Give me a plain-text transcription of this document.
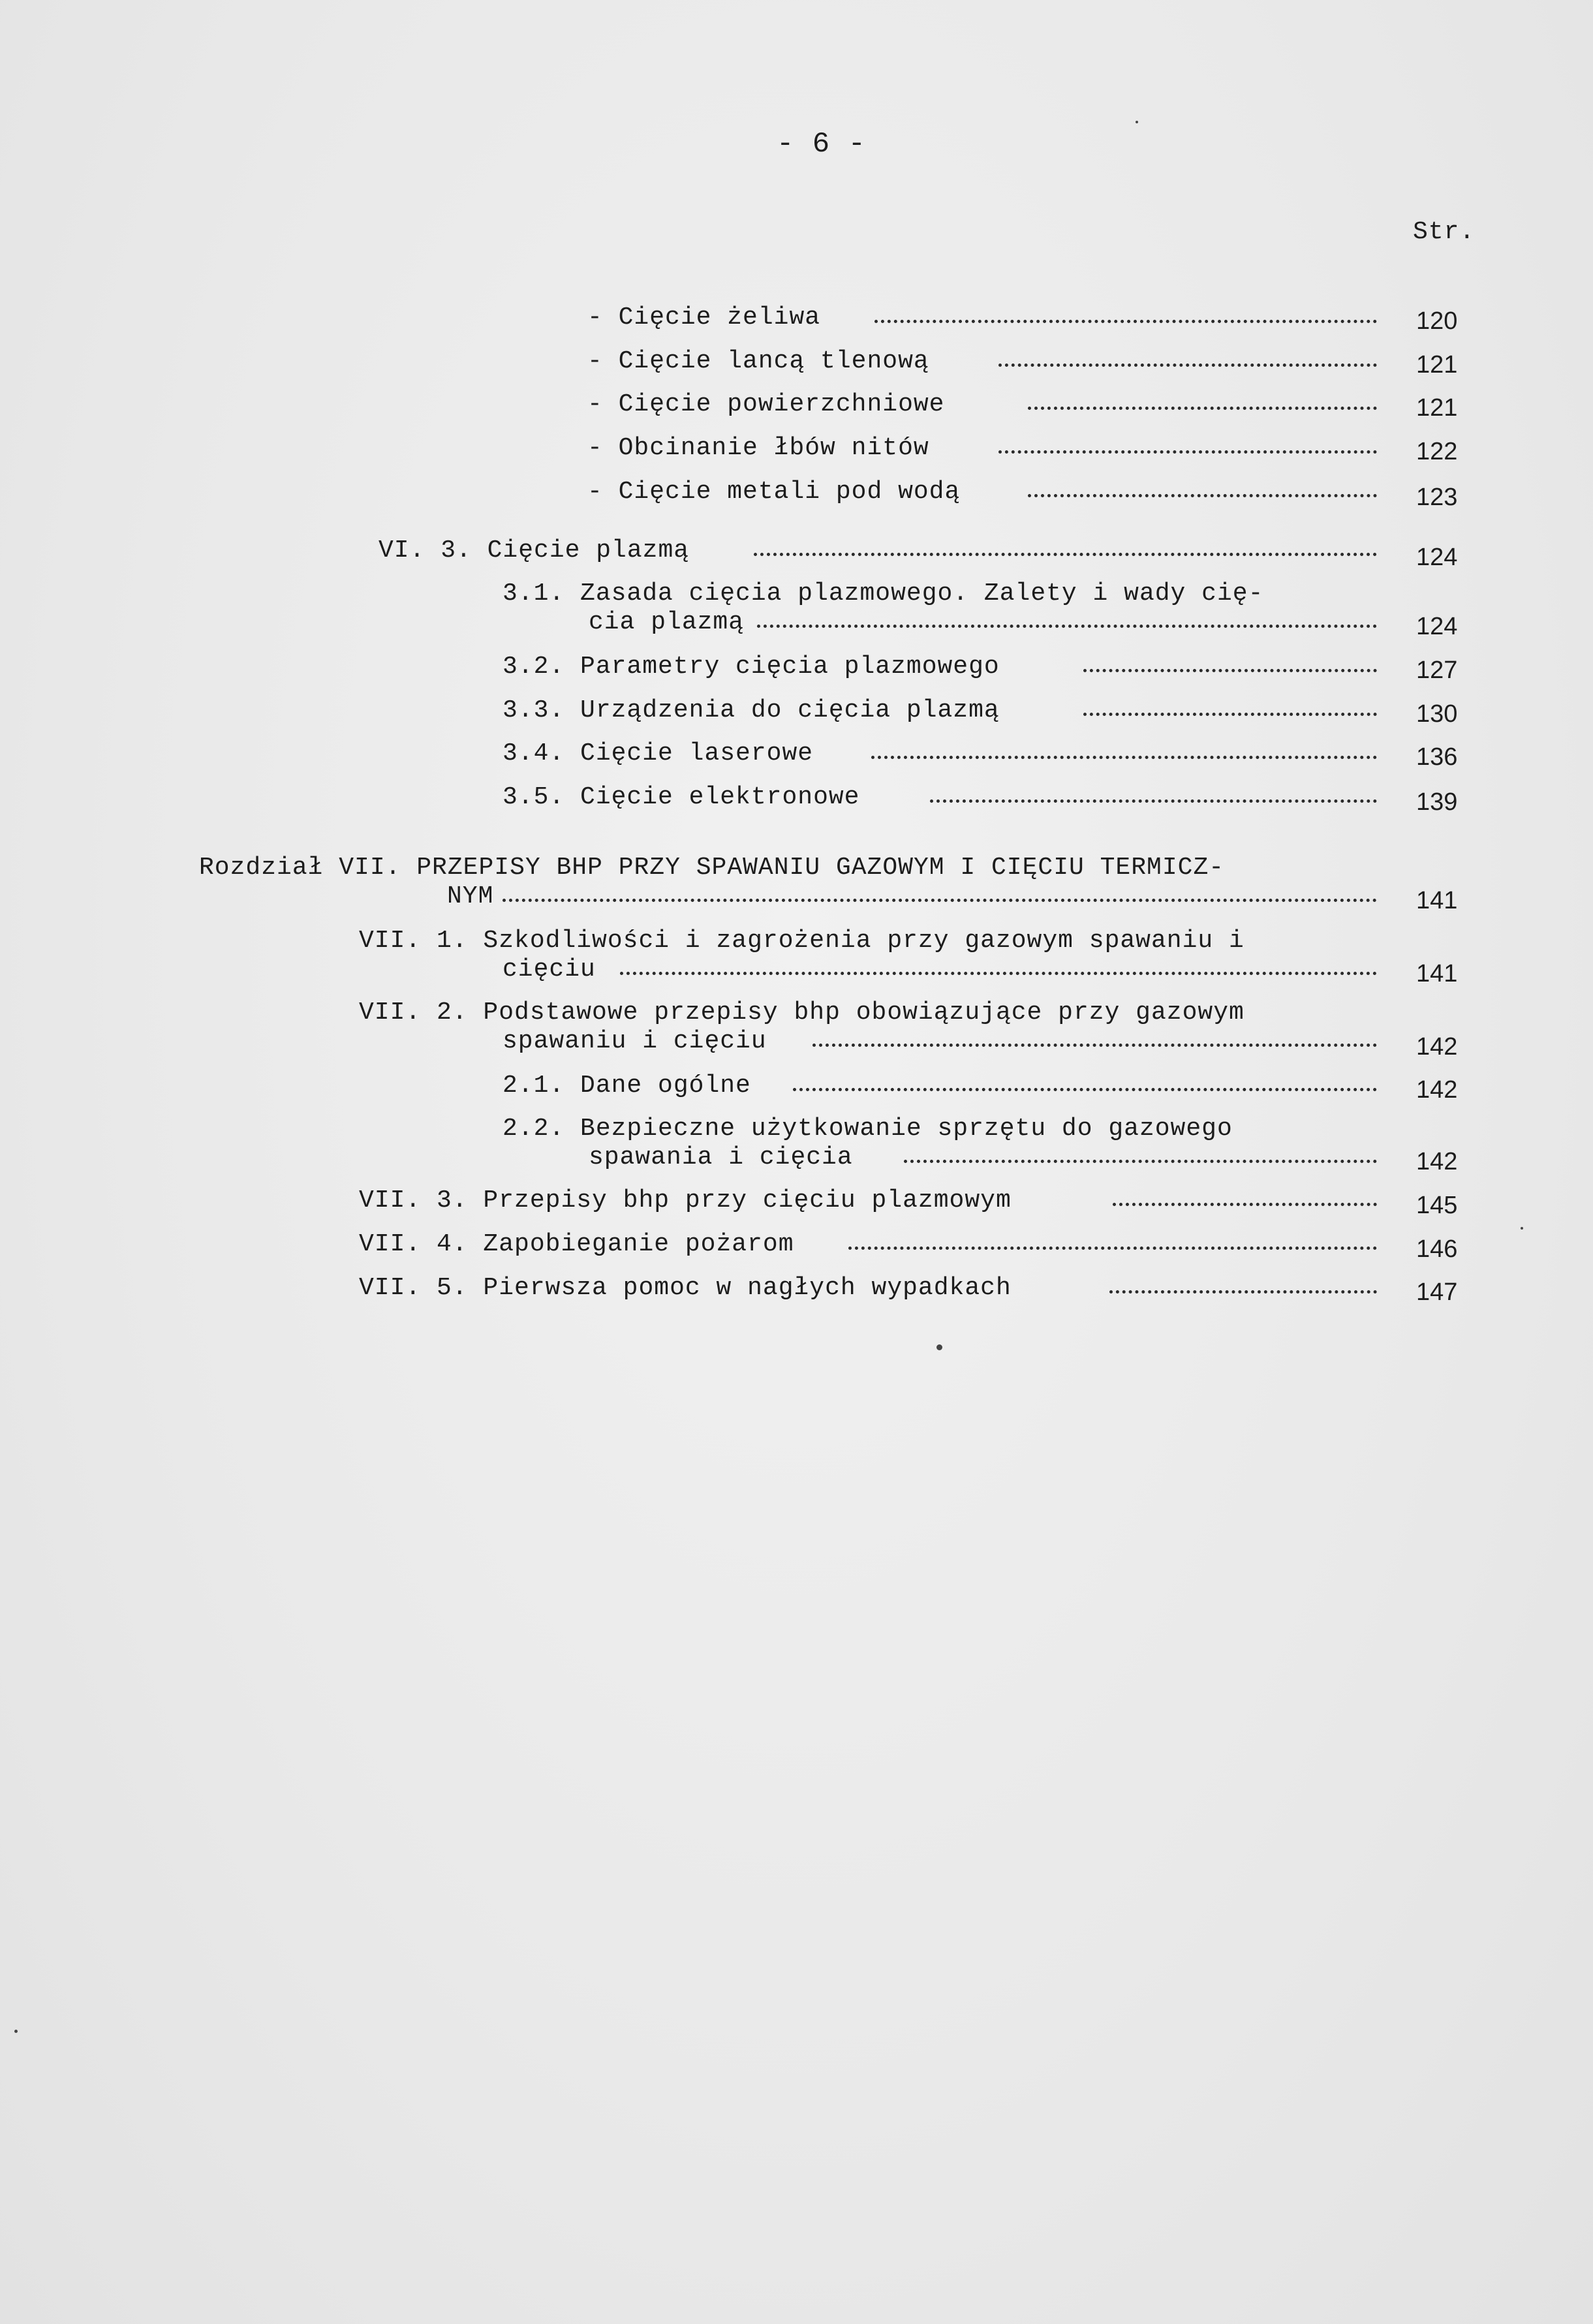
- 6 -
Str.
- Cięcie żeliwa	120
- Cięcie lancą tlenową	121
- Cięcie powierzchniowe	121
- Obcinanie łbów nitów	122
- Cięcie metali pod wodą	123
VI. 3. Cięcie plazmą	124
3.1. Zasada cięcia plazmowego. Zalety i wady cię-
cia plazmą	124
3.2. Parametry cięcia plazmowego	127
3.3. Urządzenia do cięcia plazmą	130
3.4. Cięcie laserowe	136
3.5. Cięcie elektronowe	139
Rozdział VII. PRZEPISY BHP PRZY SPAWANIU GAZOWYM I CIĘCIU TERMICZ-
NYM	141
VII. 1. Szkodliwości i zagrożenia przy gazowym spawaniu i
cięciu	141
VII. 2. Podstawowe przepisy bhp obowiązujące przy gazowym
spawaniu i cięciu	142
2.1. Dane ogólne	142
2.2. Bezpieczne użytkowanie sprzętu do gazowego
spawania i cięcia	142
VII. 3. Przepisy bhp przy cięciu plazmowym	145
VII. 4. Zapobieganie pożarom	146
VII. 5. Pierwsza pomoc w nagłych wypadkach	147
